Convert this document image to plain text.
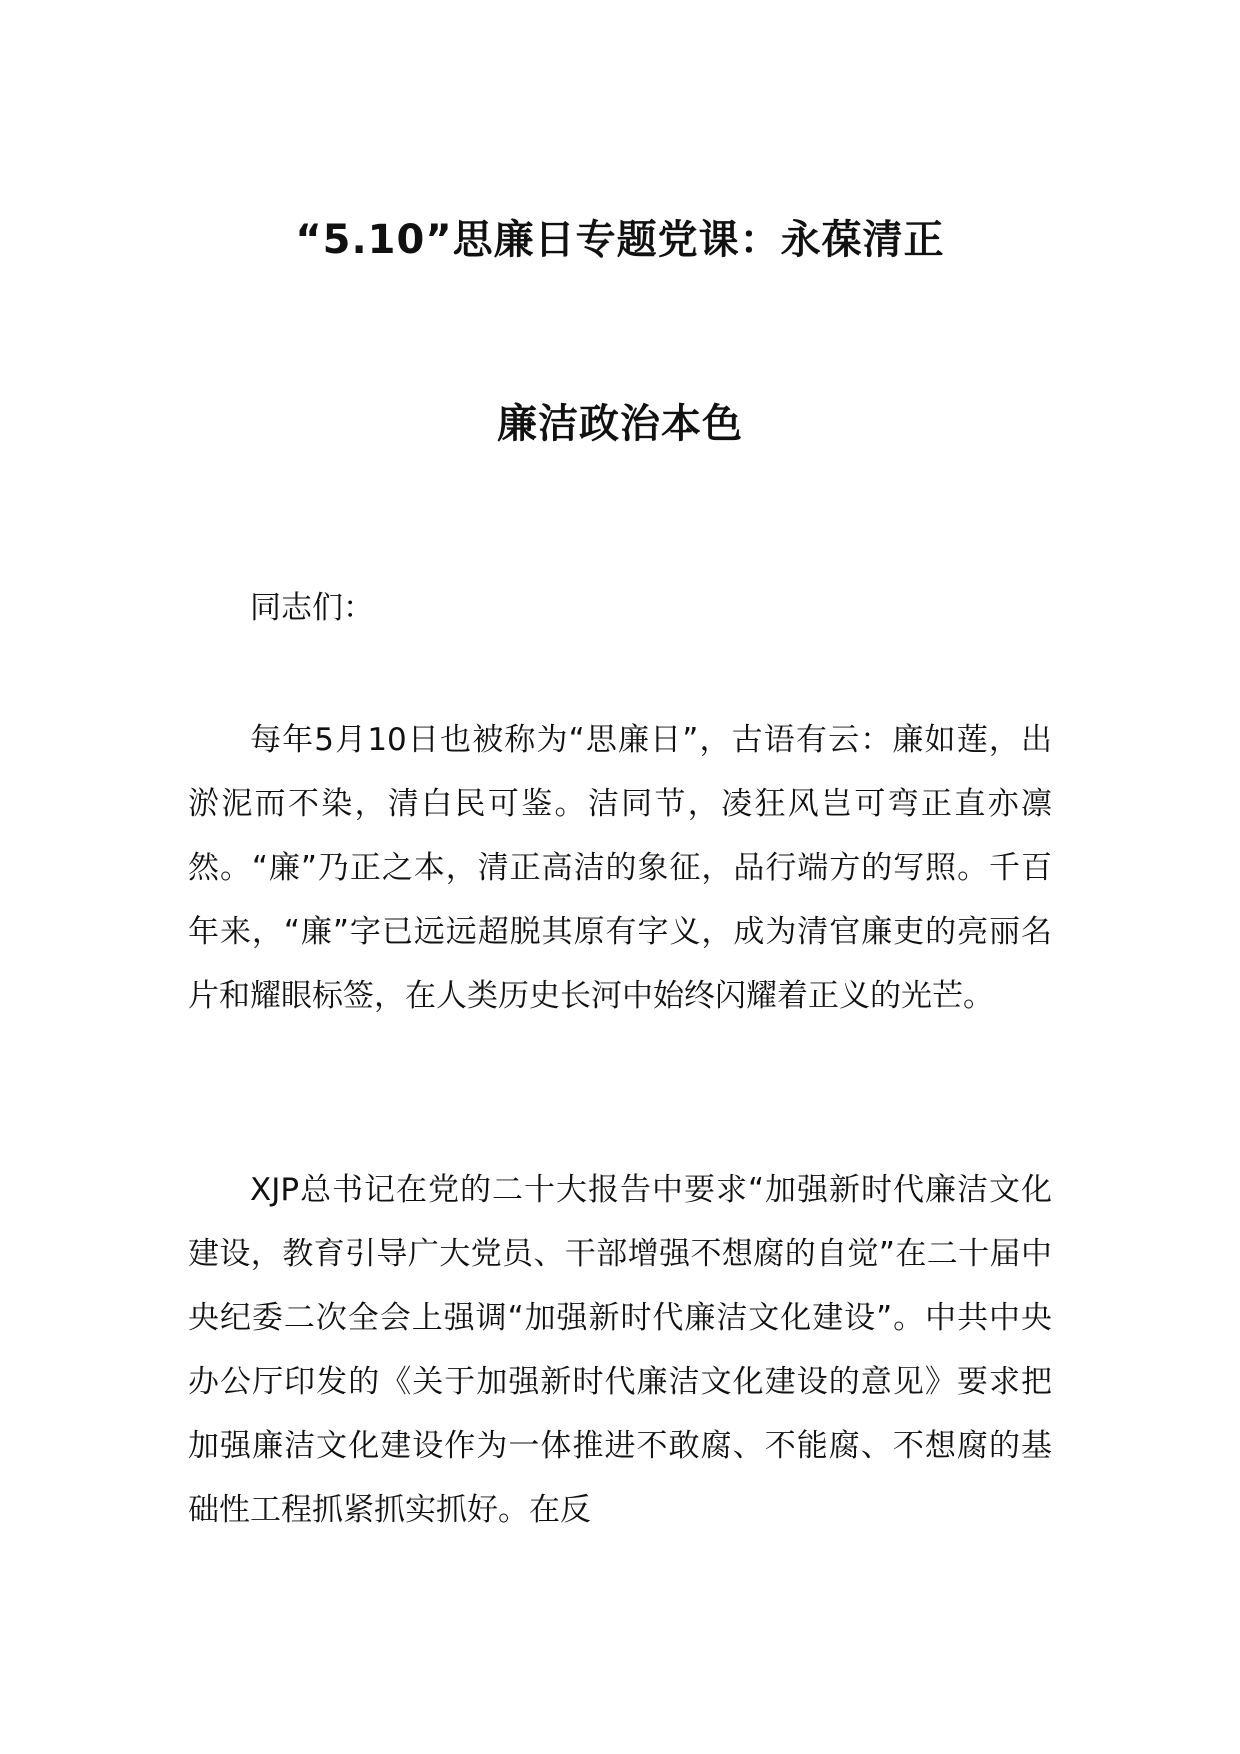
“5.10”思廉日专题党课：永葆清正
廉洁政治本色

同志们：

每年5月10日也被称为“思廉日”，古语有云：廉如莲，出淤泥而不染，清白民可鉴。洁同节，凌狂风岂可弯正直亦凛然。“廉”乃正之本，清正高洁的象征，品行端方的写照。千百年来，“廉”字已远远超脱其原有字义，成为清官廉吏的亮丽名片和耀眼标签，在人类历史长河中始终闪耀着正义的光芒。

XJP总书记在党的二十大报告中要求“加强新时代廉洁文化建设，教育引导广大党员、干部增强不想腐的自觉”在二十届中央纪委二次全会上强调“加强新时代廉洁文化建设”。中共中央办公厅印发的《关于加强新时代廉洁文化建设的意见》要求把加强廉洁文化建设作为一体推进不敢腐、不能腐、不想腐的基础性工程抓紧抓实抓好。在反
